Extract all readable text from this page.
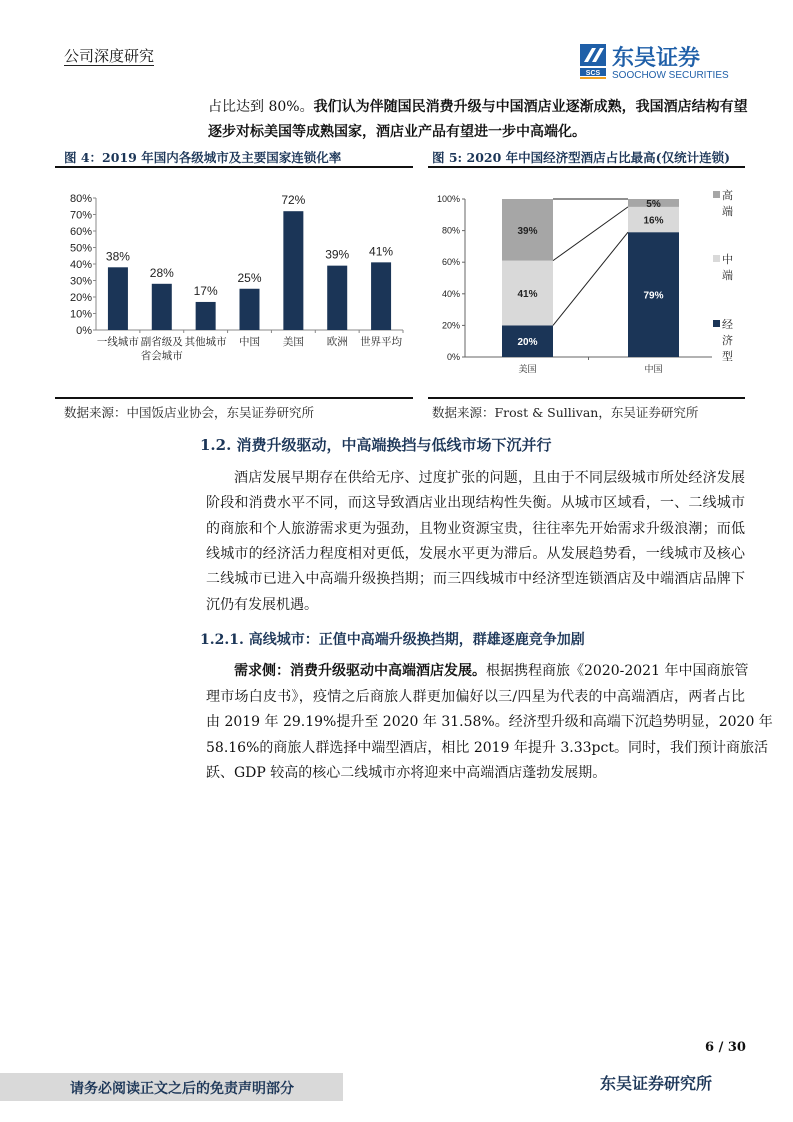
公司深度研究
SCS
东吴证券
SOOCHOW SECURITIES
占比达到 80%。我们认为伴随国民消费升级与中国酒店业逐渐成熟，我国酒店结构有望
逐步对标美国等成熟国家，酒店业产品有望进一步中高端化。
图 4：2019 年国内各级城市及主要国家连锁化率	图 5: 2020 年中国经济型酒店占比最高(仅统计连锁)
0%
10%
20%
30%
40%
50%
60%
70%
80%
38%
一线城市
28%
副省级及
省会城市
17%
其他城市
25%
中国
72%
美国
39%
欧洲
41%
世界平均
0%
20%
40%
60%
80%
100%
20%
41%
39%
美国
79%
16%
5%
中国
经
济
型
中
端
高
端
数据来源：中国饭店业协会，东吴证券研究所	数据来源：Frost & Sullivan，东吴证券研究所
1.2. 消费升级驱动，中高端换挡与低线市场下沉并行
酒店发展早期存在供给无序、过度扩张的问题，且由于不同层级城市所处经济发展
阶段和消费水平不同，而这导致酒店业出现结构性失衡。从城市区域看，一、二线城市
的商旅和个人旅游需求更为强劲，且物业资源宝贵，往往率先开始需求升级浪潮；而低
线城市的经济活力程度相对更低，发展水平更为滞后。从发展趋势看，一线城市及核心
二线城市已进入中高端升级换挡期；而三四线城市中经济型连锁酒店及中端酒店品牌下
沉仍有发展机遇。
1.2.1. 高线城市：正值中高端升级换挡期，群雄逐鹿竞争加剧
需求侧：消费升级驱动中高端酒店发展。根据携程商旅《2020-2021 年中国商旅管
理市场白皮书》，疫情之后商旅人群更加偏好以三/四星为代表的中高端酒店，两者占比
由 2019 年 29.19%提升至 2020 年 31.58%。经济型升级和高端下沉趋势明显，2020 年
58.16%的商旅人群选择中端型酒店，相比 2019 年提升 3.33pct。同时，我们预计商旅活
跃、GDP 较高的核心二线城市亦将迎来中高端酒店蓬勃发展期。
6 / 30
请务必阅读正文之后的免责声明部分	东吴证券研究所
